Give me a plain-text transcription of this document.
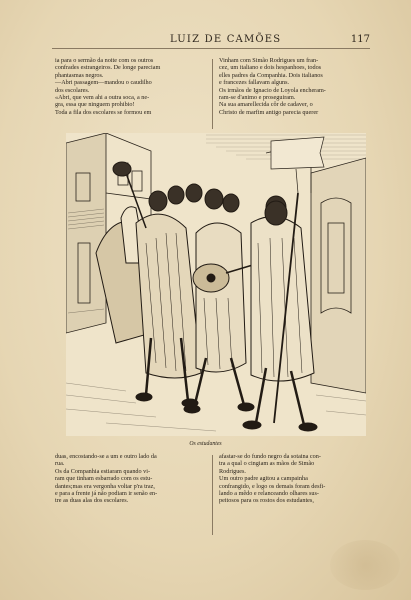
LUIZ DE CAMÕES	117

ia para o sermão da noite com os outros

confrades estrangeiros. De longe pareciam

phantasmas negros.

—Abri passagem—mandou o caudilho

dos escolares.

«Abri, que vem ahi a outra soca, a ne-

gra, essa que ninguem prohibio!

Toda a fila dos escolares se formou em

Vinham com Simão Rodrigues um fran-

cez, um italiano e dois hespanhoes, todos

elles padres da Companhia. Dois italianos

e francezes fallavam alguns.

Os irmãos de Ignacio de Loyola encheram-

ram-se d'animo e proseguiram.

Na sua amarellecida côr de cadaver, o

Christo de marfim antigo parecia querer

Os estudantes

duas, encostando-se a um e outro lado da

rua.

Os da Companhia estiaram quando vi-

ram que tinham esbarrado com os estu-

dantes;mas era vergonha voltar p'ra traz,

e para a frente já não podiam ir senão en-

tre as duas alas dos escolares.

afastar-se do fundo negro da sotaina con-

tra a qual o cingiam as mãos de Simão

Rodrigues.

Um outro padre agitou a campainha

confrangido, e logo os demais foram desfi-

lando a mêdo e relanceando olhares sus-

peitosos para os rostos dos estudantes,
